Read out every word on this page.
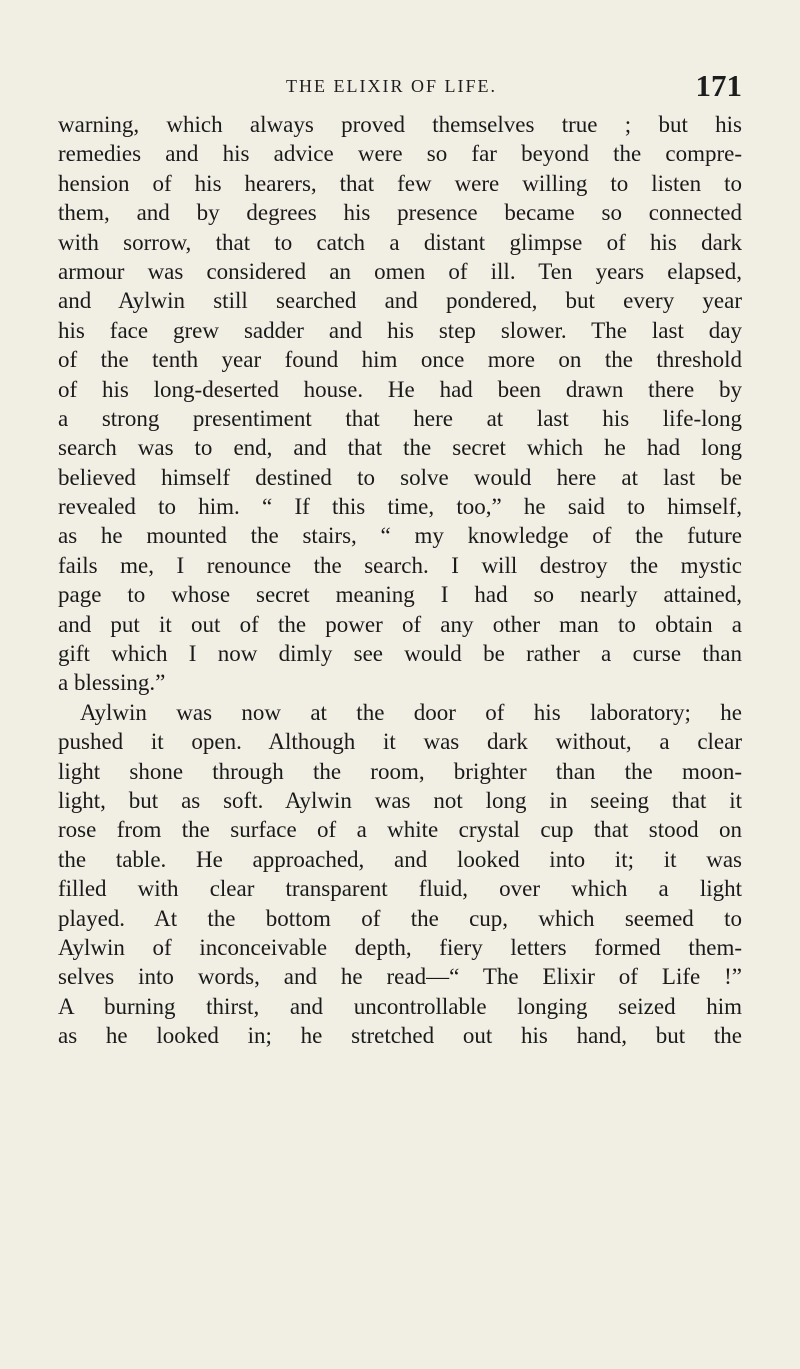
THE ELIXIR OF LIFE.	171
warning, which always proved themselves true ; but his
remedies and his advice were so far beyond the compre-
hension of his hearers, that few were willing to listen to
them, and by degrees his presence became so connected
with sorrow, that to catch a distant glimpse of his dark
armour was considered an omen of ill. Ten years elapsed,
and Aylwin still searched and pondered, but every year
his face grew sadder and his step slower. The last day
of the tenth year found him once more on the threshold
of his long-deserted house. He had been drawn there by
a strong presentiment that here at last his life-long
search was to end, and that the secret which he had long
believed himself destined to solve would here at last be
revealed to him. “ If this time, too,” he said to himself,
as he mounted the stairs, “ my knowledge of the future
fails me, I renounce the search. I will destroy the mystic
page to whose secret meaning I had so nearly attained,
and put it out of the power of any other man to obtain a
gift which I now dimly see would be rather a curse than
a blessing.”
Aylwin was now at the door of his laboratory; he
pushed it open. Although it was dark without, a clear
light shone through the room, brighter than the moon-
light, but as soft. Aylwin was not long in seeing that it
rose from the surface of a white crystal cup that stood on
the table. He approached, and looked into it; it was
filled with clear transparent fluid, over which a light
played. At the bottom of the cup, which seemed to
Aylwin of inconceivable depth, fiery letters formed them-
selves into words, and he read—“ The Elixir of Life !”
A burning thirst, and uncontrollable longing seized him
as he looked in; he stretched out his hand, but the
